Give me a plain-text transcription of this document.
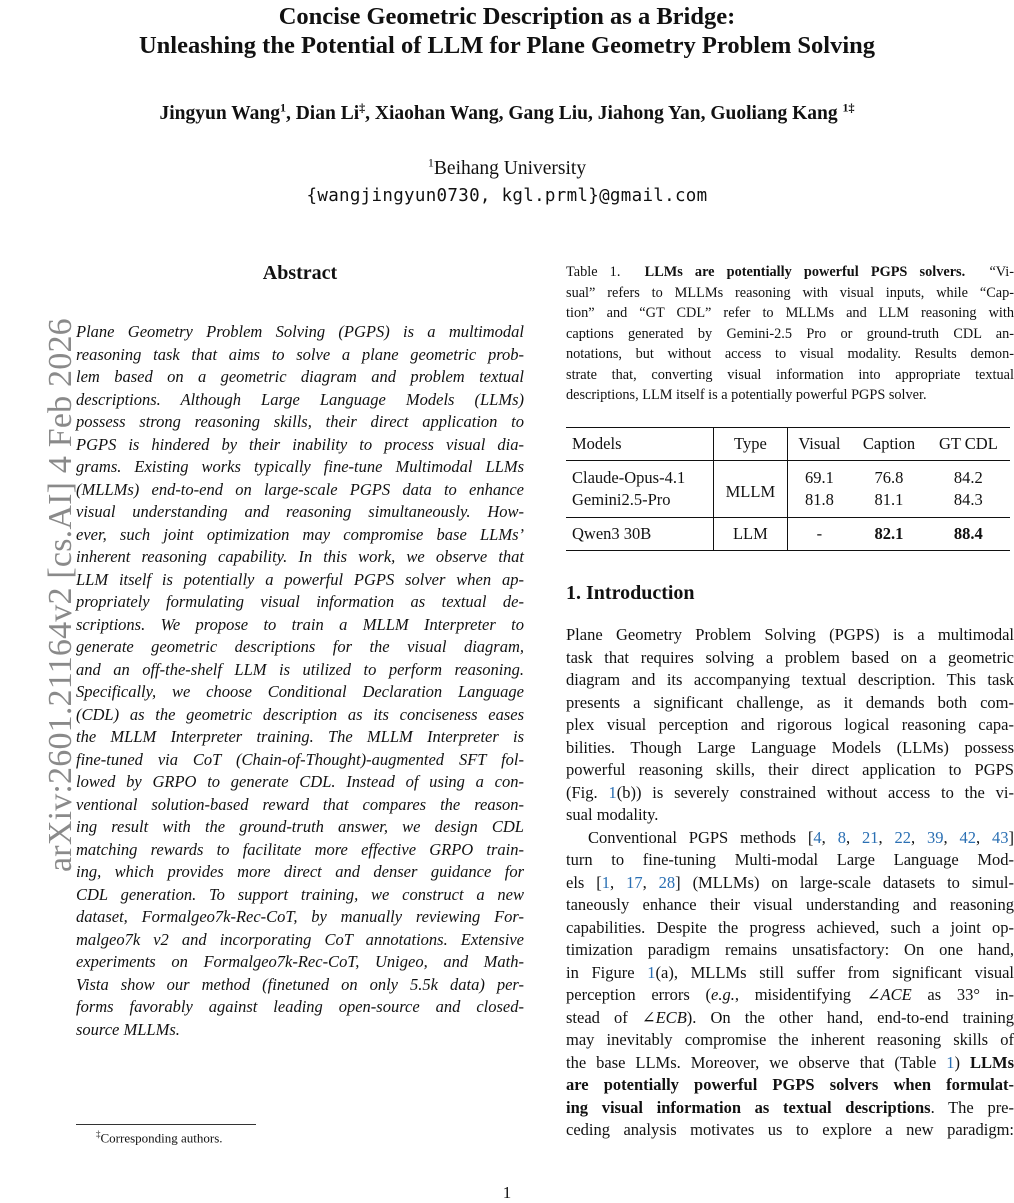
Concise Geometric Description as a Bridge:
Unleashing the Potential of LLM for Plane Geometry Problem Solving
Jingyun Wang$^1$, Dian Li‡, Xiaohan Wang, Gang Liu, Jiahong Yan, Guoliang Kang $^{1\ddagger}$
$^1$Beihang University
{wangjingyun0730, kgl.prml}@gmail.com
arXiv:2601.21164v2 [cs.AI] 4 Feb 2026
Abstract
Plane Geometry Problem Solving (PGPS) is a multimodal
reasoning task that aims to solve a plane geometric prob-
lem based on a geometric diagram and problem textual
descriptions. Although Large Language Models (LLMs)
possess strong reasoning skills, their direct application to
PGPS is hindered by their inability to process visual dia-
grams. Existing works typically fine-tune Multimodal LLMs
(MLLMs) end-to-end on large-scale PGPS data to enhance
visual understanding and reasoning simultaneously. How-
ever, such joint optimization may compromise base LLMs’
inherent reasoning capability. In this work, we observe that
LLM itself is potentially a powerful PGPS solver when ap-
propriately formulating visual information as textual de-
scriptions. We propose to train a MLLM Interpreter to
generate geometric descriptions for the visual diagram,
and an off-the-shelf LLM is utilized to perform reasoning.
Specifically, we choose Conditional Declaration Language
(CDL) as the geometric description as its conciseness eases
the MLLM Interpreter training. The MLLM Interpreter is
fine-tuned via CoT (Chain-of-Thought)-augmented SFT fol-
lowed by GRPO to generate CDL. Instead of using a con-
ventional solution-based reward that compares the reason-
ing result with the ground-truth answer, we design CDL
matching rewards to facilitate more effective GRPO train-
ing, which provides more direct and denser guidance for
CDL generation. To support training, we construct a new
dataset, Formalgeo7k-Rec-CoT, by manually reviewing For-
malgeo7k v2 and incorporating CoT annotations. Extensive
experiments on Formalgeo7k-Rec-CoT, Unigeo, and Math-
Vista show our method (finetuned on only 5.5k data) per-
forms favorably against leading open-source and closed-
source MLLMs.
‡Corresponding authors.
Table 1. LLMs are potentially powerful PGPS solvers. “Vi-
sual” refers to MLLMs reasoning with visual inputs, while “Cap-
tion” and “GT CDL” refer to MLLMs and LLM reasoning with
captions generated by Gemini-2.5 Pro or ground-truth CDL an-
notations, but without access to visual modality. Results demon-
strate that, converting visual information into appropriate textual
descriptions, LLM itself is a potentially powerful PGPS solver.
Models	Type	Visual	Caption	GT CDL
Claude-Opus-4.1	MLLM	69.1	76.8	84.2
Gemini2.5-Pro		81.8	81.1	84.3
Qwen3 30B	LLM	-	82.1	88.4
1. Introduction
Plane Geometry Problem Solving (PGPS) is a multimodal
task that requires solving a problem based on a geometric
diagram and its accompanying textual description. This task
presents a significant challenge, as it demands both com-
plex visual perception and rigorous logical reasoning capa-
bilities. Though Large Language Models (LLMs) possess
powerful reasoning skills, their direct application to PGPS
(Fig. 1(b)) is severely constrained without access to the vi-
sual modality.
Conventional PGPS methods [4, 8, 21, 22, 39, 42, 43]
turn to fine-tuning Multi-modal Large Language Mod-
els [1, 17, 28] (MLLMs) on large-scale datasets to simul-
taneously enhance their visual understanding and reasoning
capabilities. Despite the progress achieved, such a joint op-
timization paradigm remains unsatisfactory: On one hand,
in Figure 1(a), MLLMs still suffer from significant visual
perception errors (e.g., misidentifying ∠ACE as 33° in-
stead of ∠ECB). On the other hand, end-to-end training
may inevitably compromise the inherent reasoning skills of
the base LLMs. Moreover, we observe that (Table 1) LLMs
are potentially powerful PGPS solvers when formulat-
ing visual information as textual descriptions. The pre-
ceding analysis motivates us to explore a new paradigm:
1
